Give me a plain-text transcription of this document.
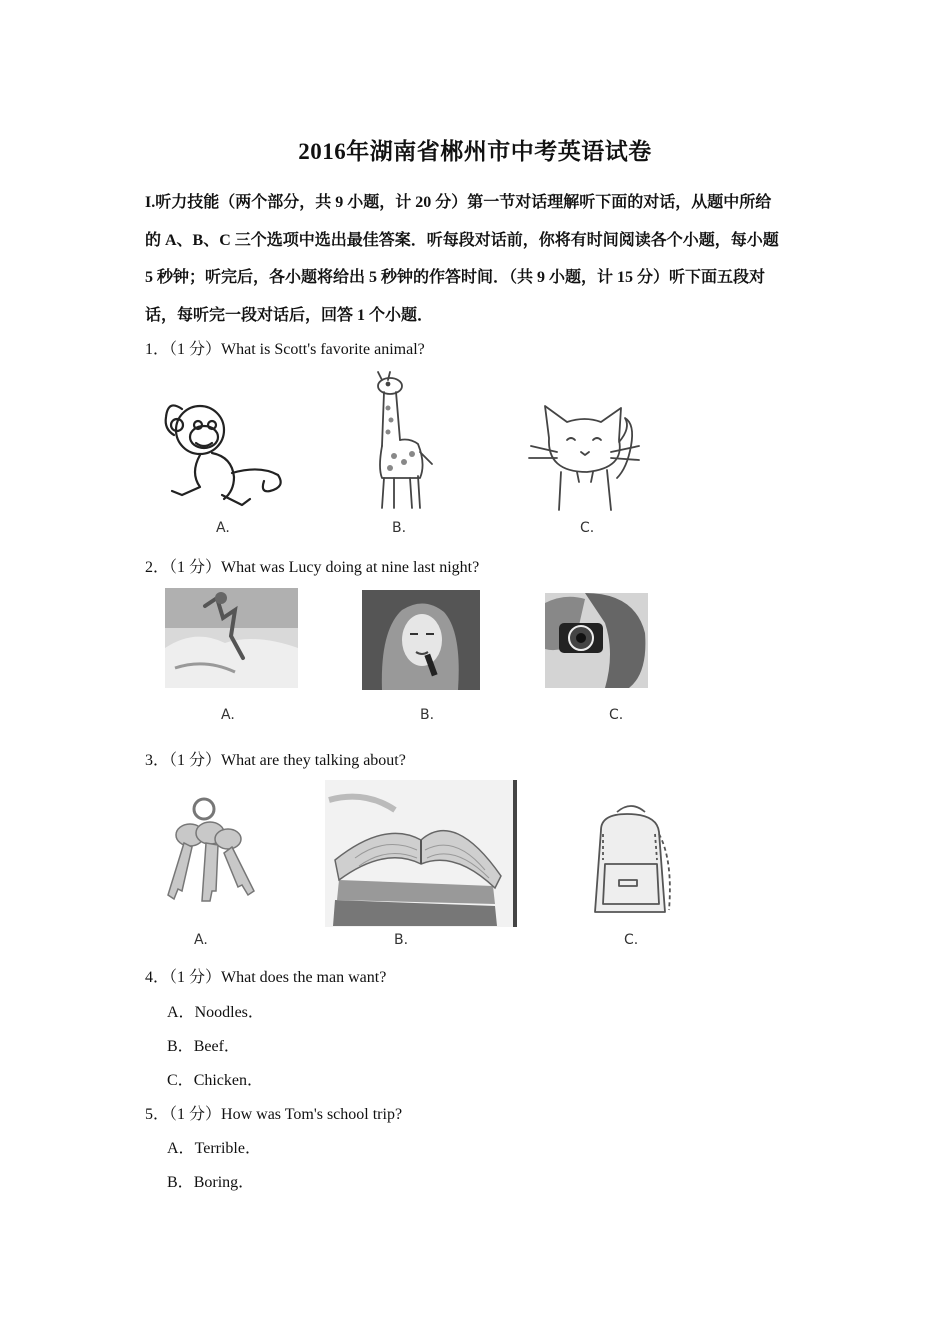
2016年湖南省郴州市中考英语试卷
I.听力技能（两个部分，共 9 小题，计 20 分）第一节对话理解听下面的对话，从题中所给
的 A、B、C 三个选项中选出最佳答案．听每段对话前，你将有时间阅读各个小题，每小题
5 秒钟；听完后，各小题将给出 5 秒钟的作答时间．（共 9 小题，计 15 分）听下面五段对
话，每听完一段对话后，回答 1 个小题．
1．（1 分）What is Scott's favorite animal?
A.	B.	C.
2．（1 分）What was Lucy doing at nine last night?
A.	B.	C.
3．（1 分）What are they talking about?
A.	B.	C.
4．（1 分）What does the man want?
A．Noodles．
B．Beef．
C．Chicken．
5．（1 分）How was Tom's school trip?
A．Terrible．
B．Boring．
